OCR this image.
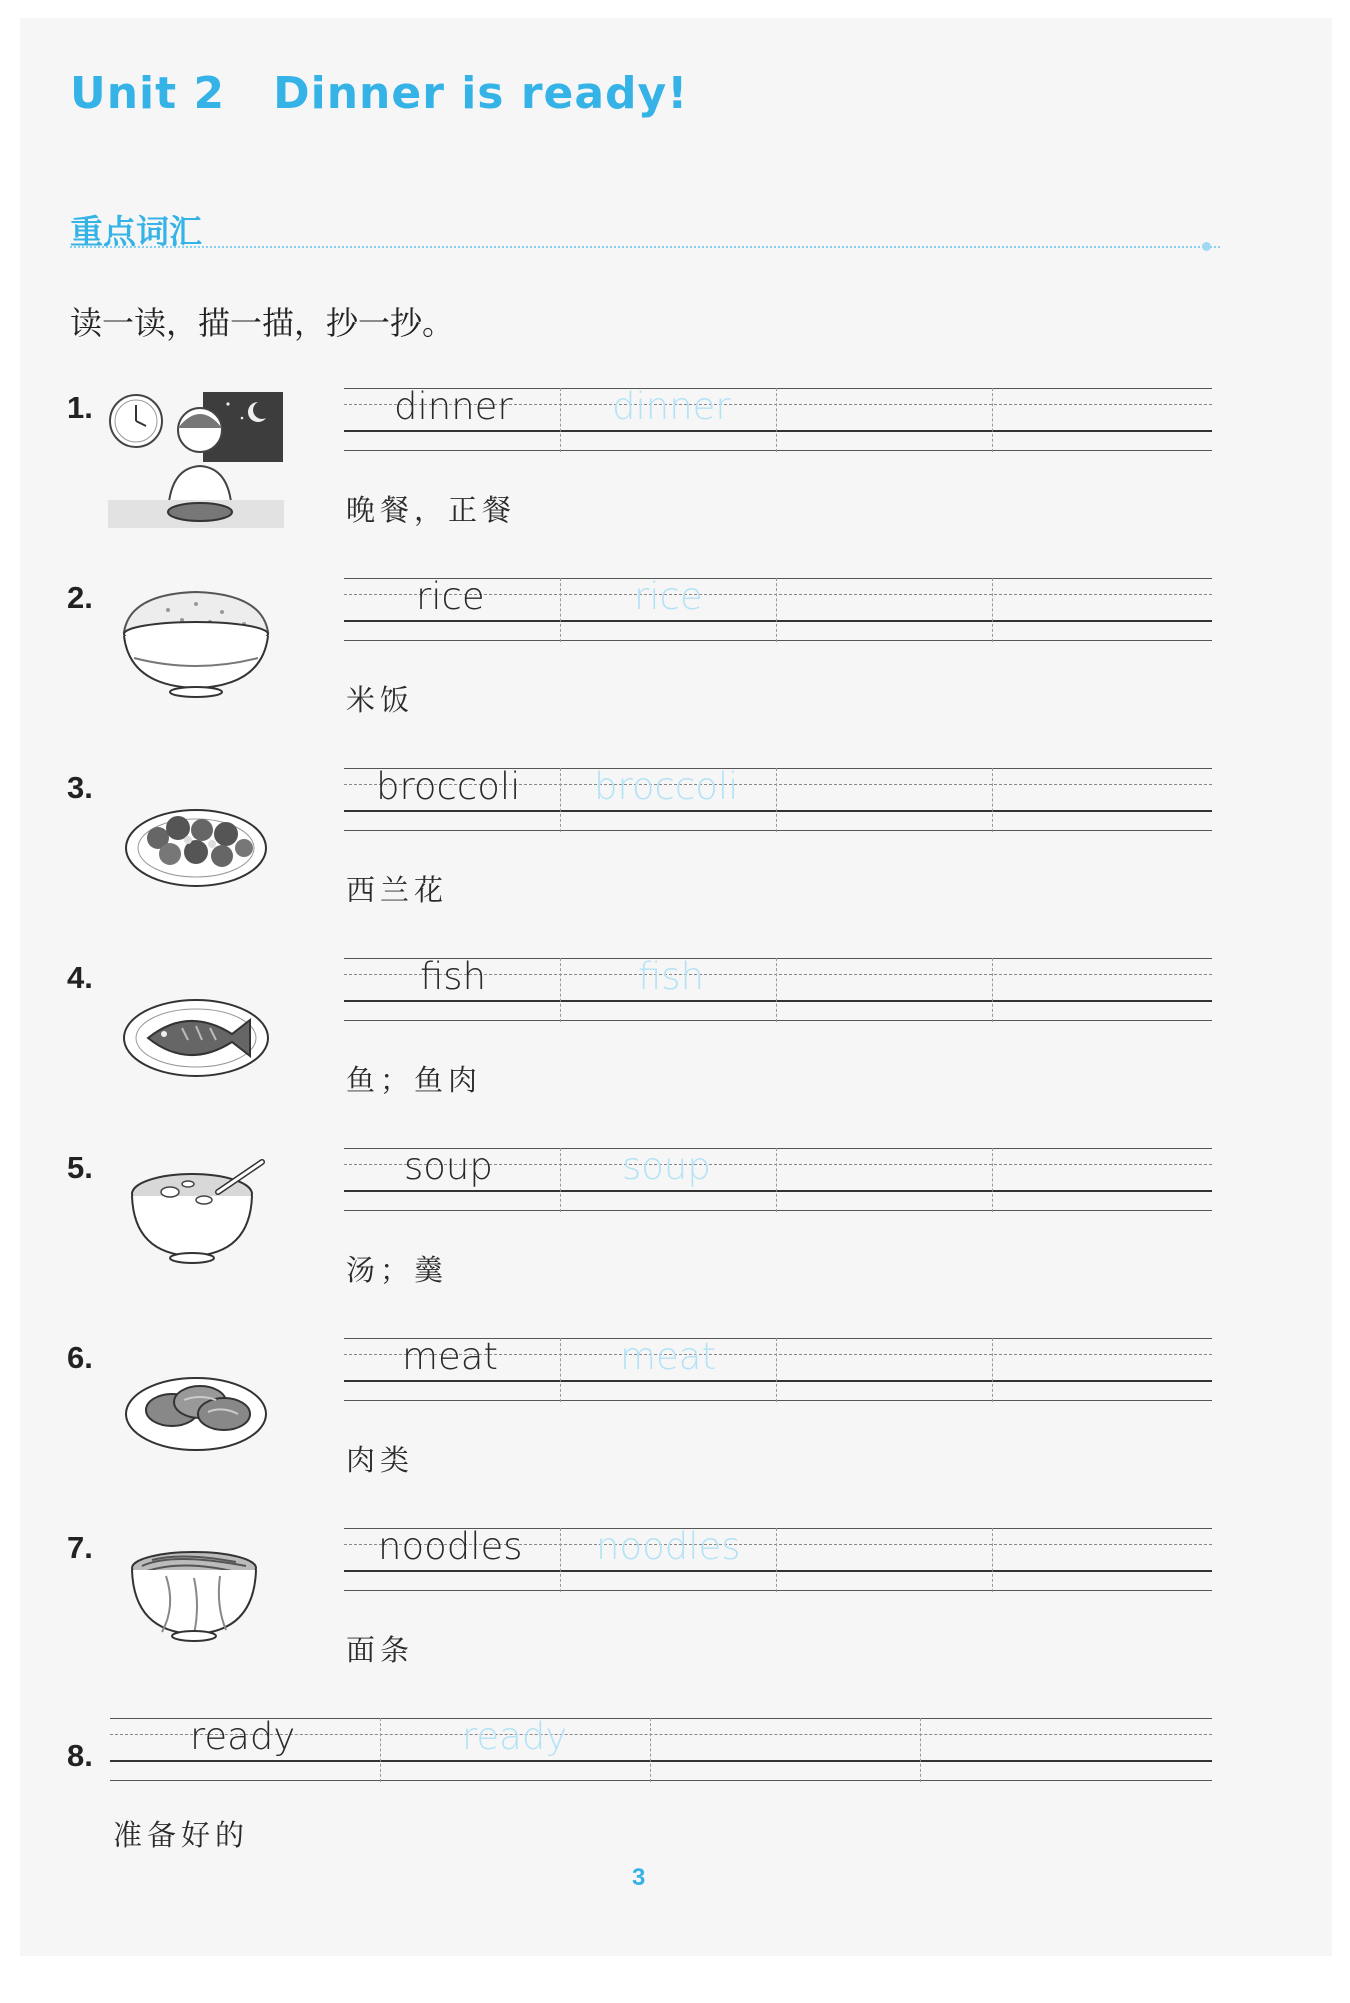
Unit 2 Dinner is ready!
重点词汇

读一读，描一描，抄一抄。

1.	dinner	dinner
晚餐，正餐
2.	rice	rice
米饭
3.	broccoli broccoli
西兰花
4.	fish	fish
鱼；鱼肉
5.	soup	soup
汤；羹
6.	meat	meat
肉类
7.	noodles noodles
面条
8.	ready	ready
准备好的
3
